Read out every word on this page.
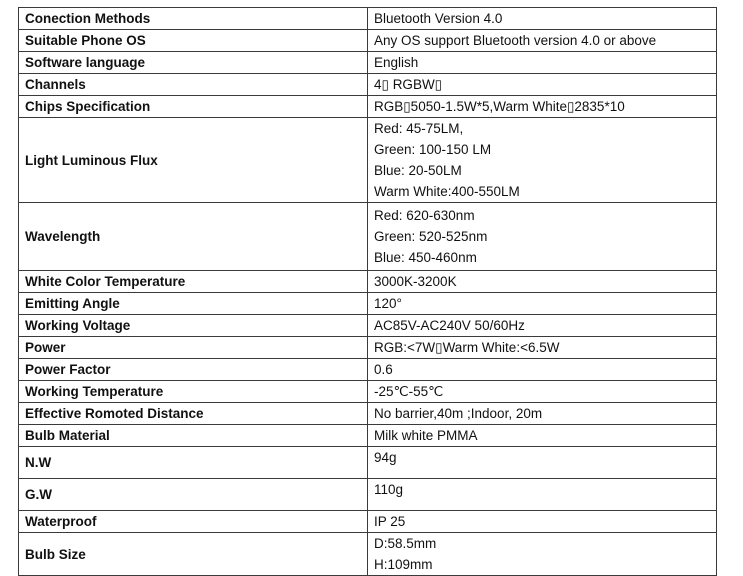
Conection Methods	Bluetooth Version 4.0

Suitable Phone OS	Any OS support Bluetooth version 4.0 or above

Software language	English

Channels	4▯ RGBW▯

Chips Specification	RGB▯5050-1.5W*5,Warm White▯2835*10

Light Luminous Flux	Red: 45-75LM,
Green: 100-150 LM
Blue: 20-50LM
Warm White:400-550LM

Wavelength	Red: 620-630nm
Green: 520-525nm
Blue: 450-460nm

White Color Temperature	3000K-3200K

Emitting Angle	120°

Working Voltage	AC85V-AC240V 50/60Hz

Power	RGB:<7W▯Warm White:<6.5W

Power Factor	0.6

Working Temperature	-25℃-55℃

Effective Romoted Distance	No barrier,40m ;Indoor, 20m

Bulb Material	Milk white PMMA

N.W	94g

G.W	110g

Waterproof	IP 25

Bulb Size	D:58.5mm
H:109mm
